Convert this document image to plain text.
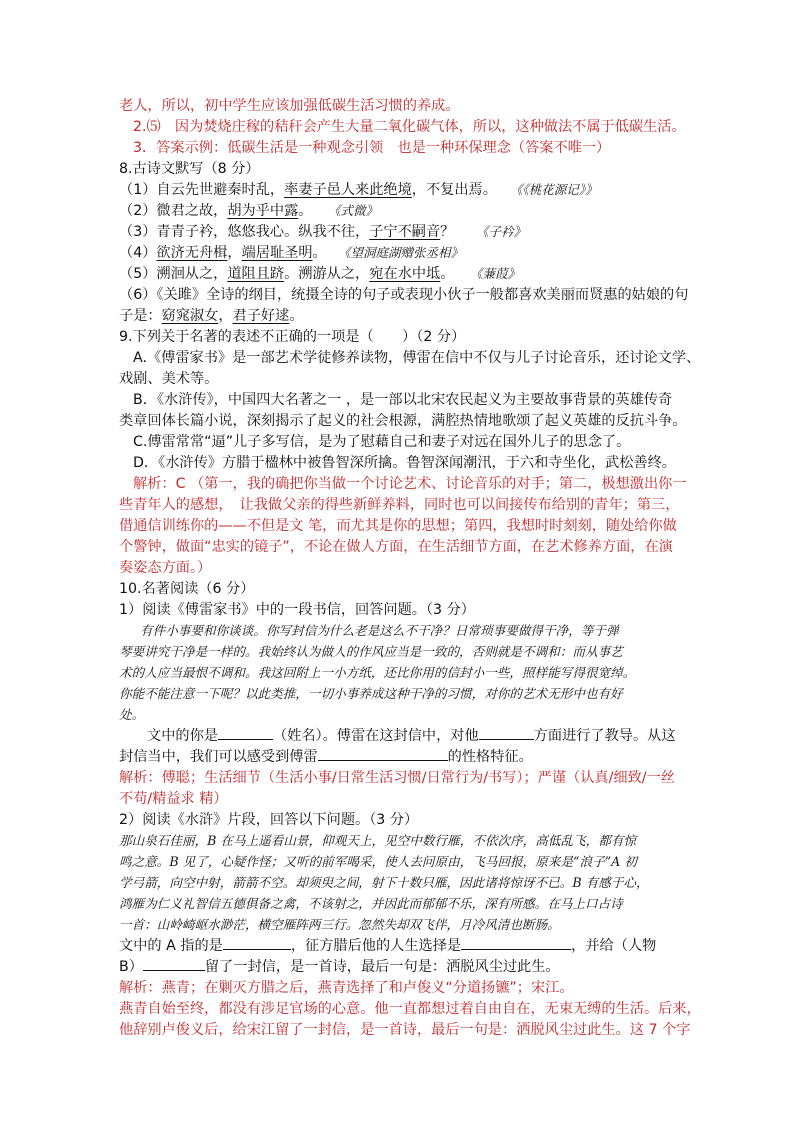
老人，所以，初中学生应该加强低碳生活习惯的养成。
2.⑸　因为焚烧庄稼的秸秆会产生大量二氧化碳气体，所以，这种做法不属于低碳生活。
3．答案示例：低碳生活是一种观念引领　也是一种环保理念（答案不唯一）
8.古诗文默写（8 分）
（1）自云先世避秦时乱，率妻子邑人来此绝境，不复出焉。 《《桃花源记》》
（2）微君之故，胡为乎中露。 《式微》
（3）青青子衿，悠悠我心。纵我不往，子宁不嗣音？ 《子衿》
（4）欲济无舟楫，端居耻圣明。 《望洞庭湖赠张丞相》
（5）溯洄从之，道阻且跻。溯游从之，宛在水中坻。 《蒹葭》
（6）《关雎》全诗的纲目，统摄全诗的句子或表现小伙子一般都喜欢美丽而贤惠的姑娘的句
子是：窈窕淑女，君子好逑。
9.下列关于名著的表述不正确的一项是（　　）（2 分）
A.《傅雷家书》是一部艺术学徒修养读物，傅雷在信中不仅与儿子讨论音乐，还讨论文学、
戏剧、美术等。
B．《水浒传》，中国四大名著之一 ，是一部以北宋农民起义为主要故事背景的英雄传奇
类章回体长篇小说，深刻揭示了起义的社会根源，满腔热情地歌颂了起义英雄的反抗斗争。
C.傅雷常常“逼”儿子多写信，是为了慰藉自己和妻子对远在国外儿子的思念了。
D．《水浒传》方腊于楹林中被鲁智深所擒。鲁智深闻潮汛，于六和寺坐化，武松善终。
解析：C （第一，我的确把你当做一个讨论艺术、讨论音乐的对手；第二，极想激出你一
些青年人的感想，　让我做父亲的得些新鲜养料，同时也可以间接传布给别的青年；第三，
借通信训练你的——不但是文 笔，而尤其是你的思想；第四，我想时时刻刻，随处给你做
个警钟，做面“忠实的镜子”，不论在做人方面，在生活细节方面，在艺术修养方面，在演
奏姿态方面。）
10.名著阅读（6 分）
1）阅读《傅雷家书》中的一段书信，回答问题。（3 分）
有件小事要和你谈谈。你写封信为什么老是这么不干净？日常琐事要做得干净，等于弹
琴要讲究干净是一样的。我始终认为做人的作风应当是一致的，否则就是不调和：而从事艺
术的人应当最恨不调和。我这回附上一小方纸，还比你用的信封小一些，照样能写得很宽绰。
你能不能注意一下呢？以此类推，一切小事养成这种干净的习惯，对你的艺术无形中也有好
处。
文中的你是	（姓名）。傅雷在这封信中，对他	方面进行了教导。从这
封信当中，我们可以感受到傅雷	的性格特征。
解析：傅聪；生活细节（生活小事/日常生活习惯/日常行为/书写）；严谨（认真/细致/一丝
不苟/精益求 精）
2）阅读《水浒》片段，回答以下问题。（3 分）
那山泉石佳丽，B 在马上遥看山景，仰观天上，见空中数行雁，不依次序，高低乱飞，都有惊
鸣之意。B 见了，心疑作怪；又听的前军喝采，使人去问原由，飞马回报，原来是“浪子”A 初
学弓箭，向空中射，箭箭不空。却须臾之间，射下十数只雁，因此诸将惊讶不已。B 有感于心，
鸿雁为仁义礼智信五德俱备之禽，不该射之，并因此而郁郁不乐，深有所感。在马上口占诗
一首：山岭崎岖水渺茫，横空雁阵两三行。忽然失却双飞伴，月冷风清也断肠。
文中的 A 指的是	，征方腊后他的人生选择是	，并给（人物
B）	留了一封信，是一首诗，最后一句是：洒脱风尘过此生。
解析：燕青；在剿灭方腊之后，燕青选择了和卢俊义“分道扬镳”；宋江。
燕青自始至终，都没有涉足官场的心意。他一直都想过着自由自在，无束无缚的生活。后来，
他辞别卢俊义后，给宋江留了一封信，是一首诗，最后一句是：洒脱风尘过此生。这 7 个字
